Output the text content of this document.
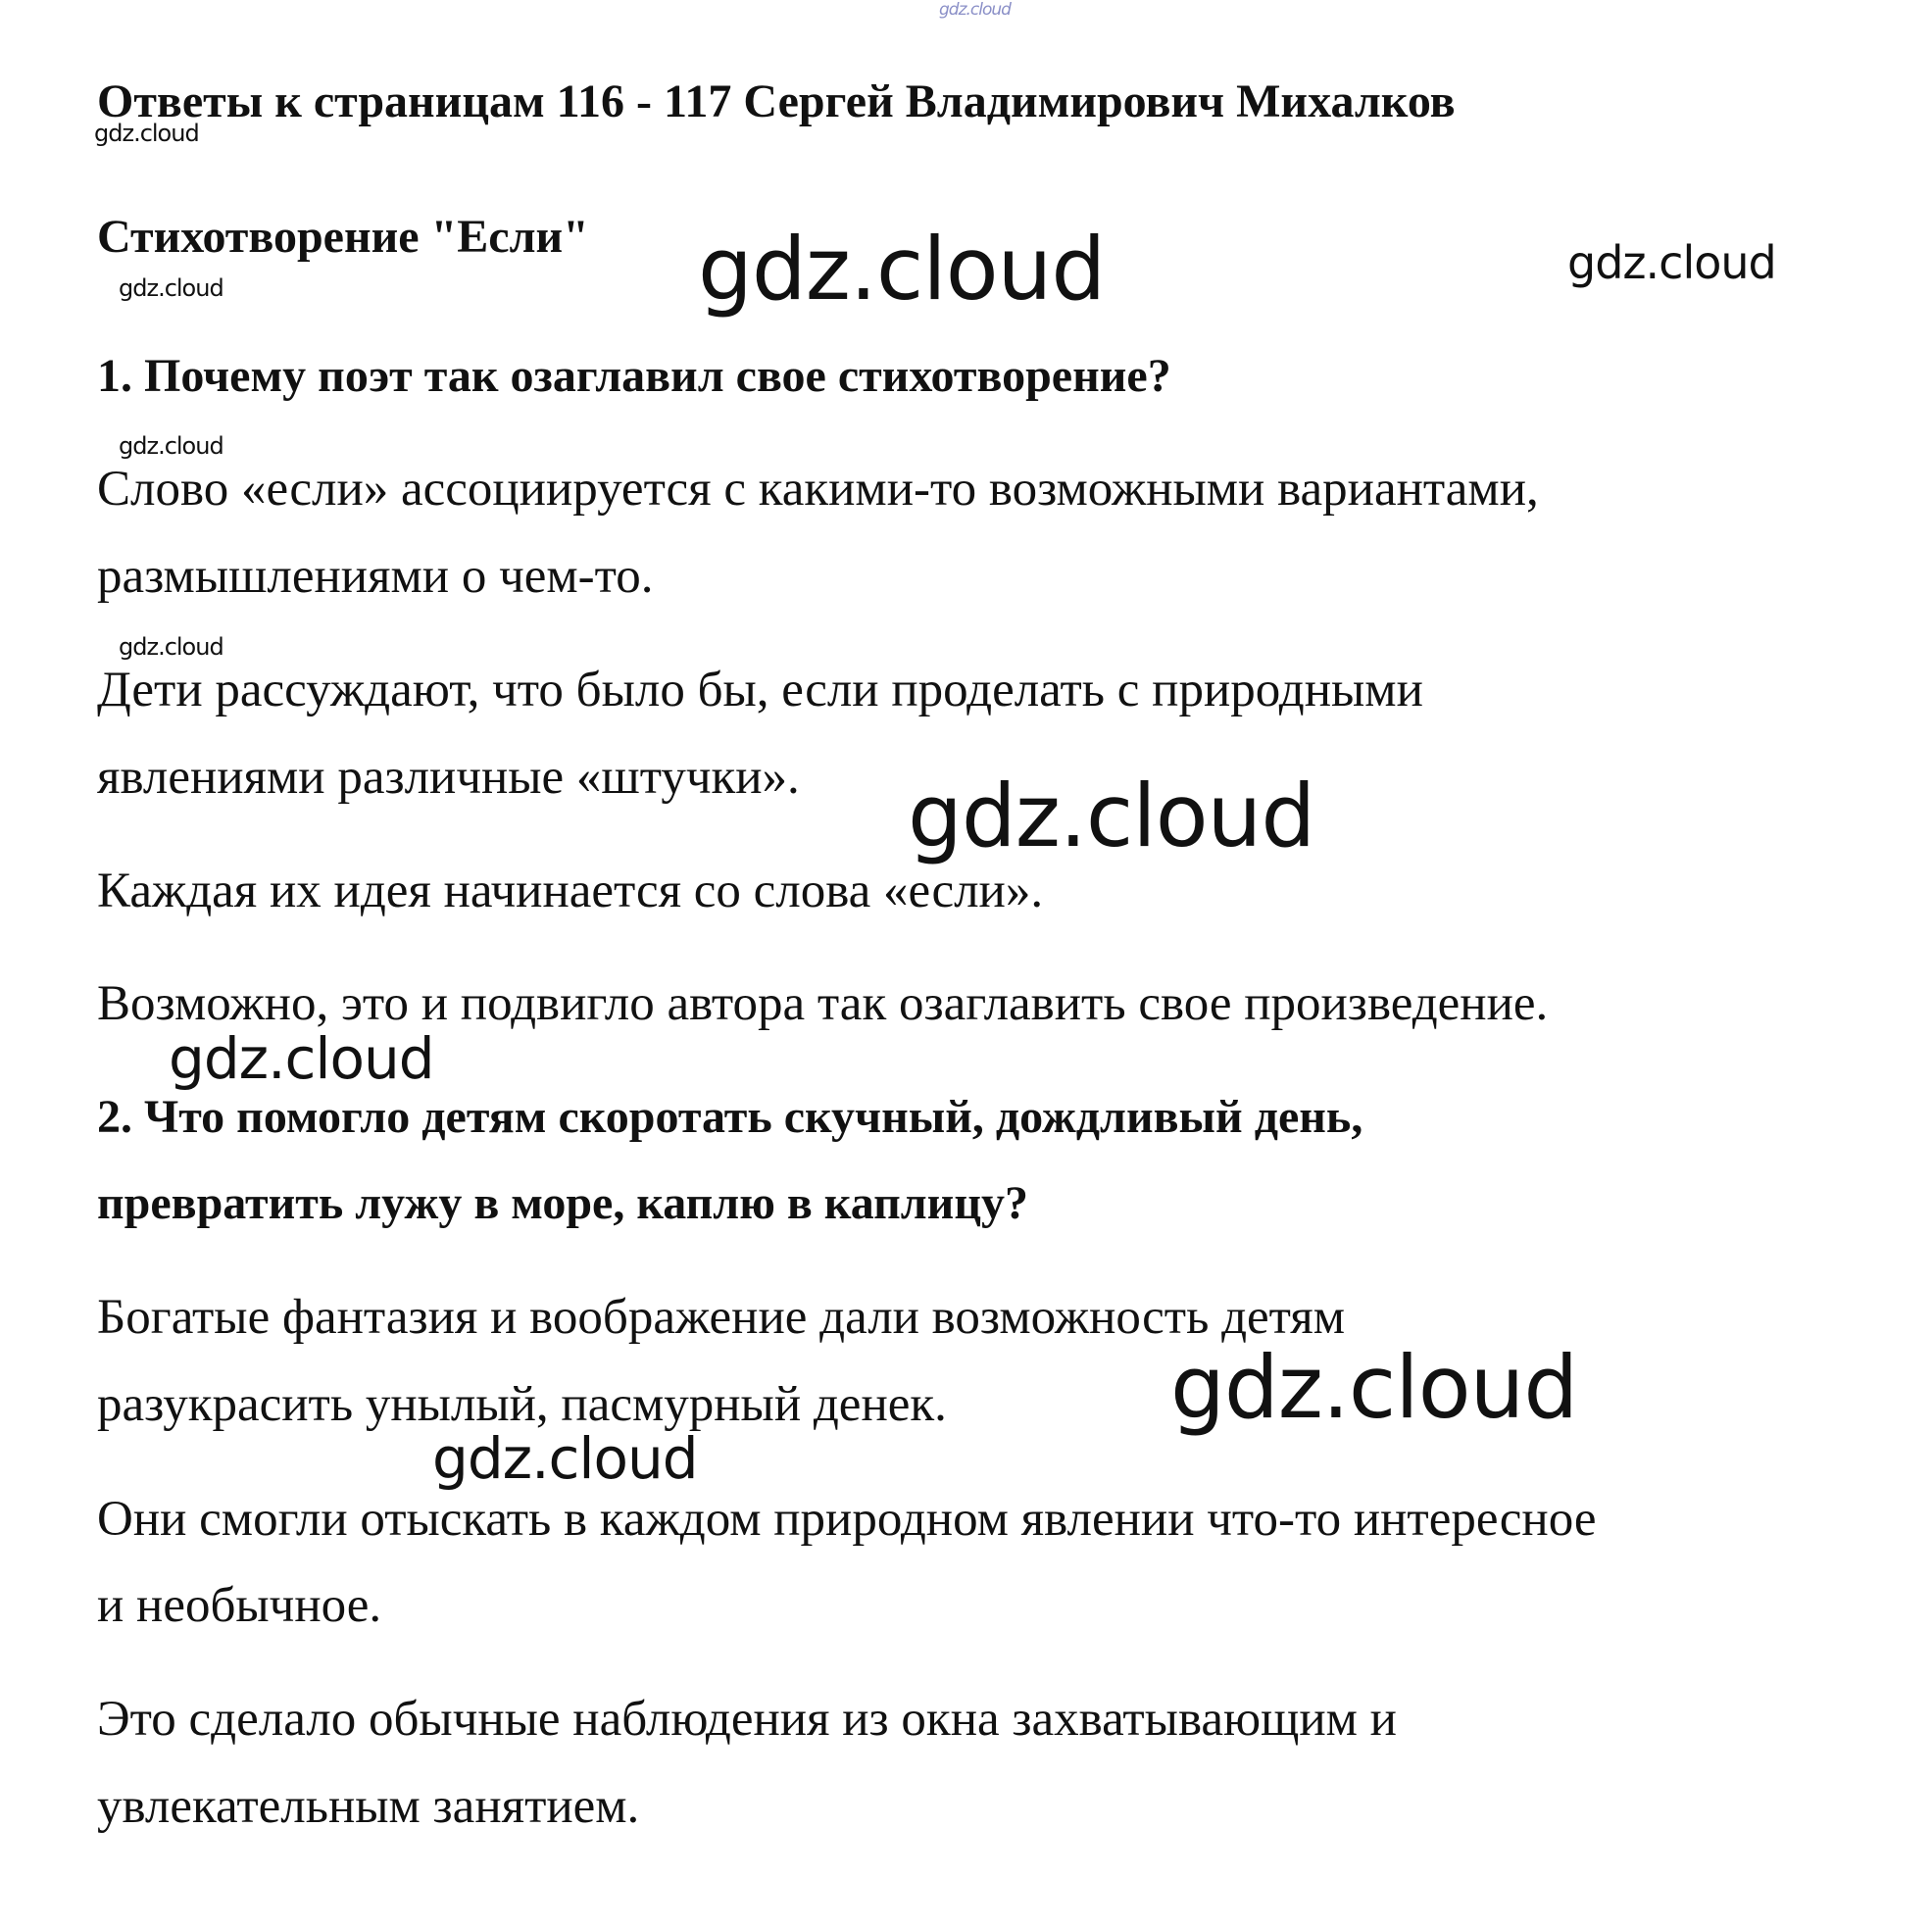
gdz.cloud

gdz.cloud

gdz.cloud	gdz.cloud

gdz.cloud

gdz.cloud

gdz.cloud

gdz.cloud

gdz.cloud

gdz.cloud

gdz.cloud

Ответы к страницам 116 - 117 Сергей Владимирович Михалков

Стихотворение "Если"

1. Почему поэт так озаглавил свое стихотворение?

Слово «если» ассоциируется с какими-то возможными вариантами,

размышлениями о чем-то.

Дети рассуждают, что было бы, если проделать с природными

явлениями различные «штучки».

Каждая их идея начинается со слова «если».

Возможно, это и подвигло автора так озаглавить свое произведение.

2. Что помогло детям скоротать скучный, дождливый день,

превратить лужу в море, каплю в каплицу?

Богатые фантазия и воображение дали возможность детям

разукрасить унылый, пасмурный денек.

Они смогли отыскать в каждом природном явлении что-то интересное

и необычное.

Это сделало обычные наблюдения из окна захватывающим и

увлекательным занятием.
